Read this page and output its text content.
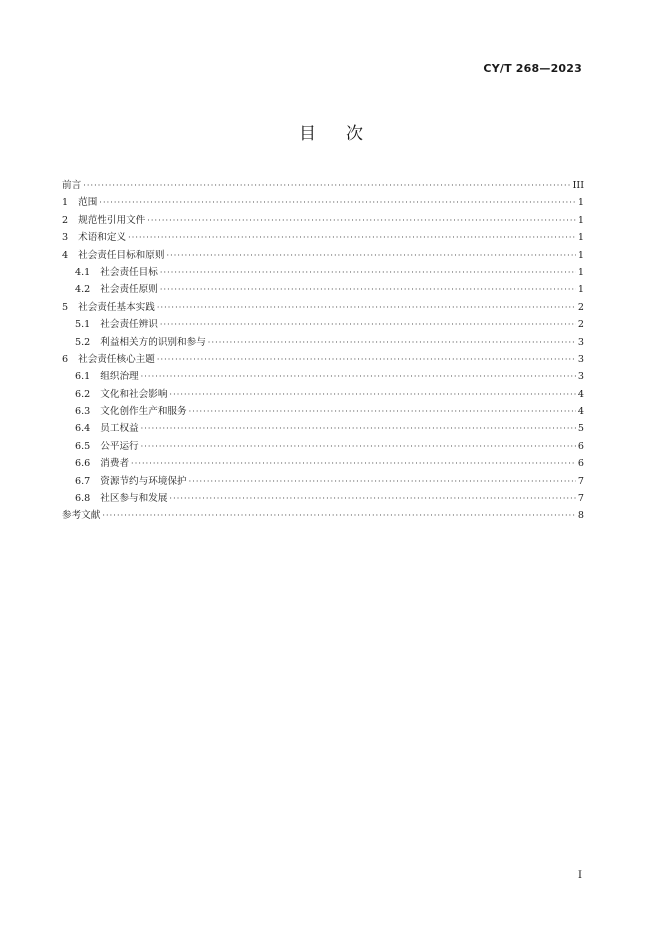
CY/T 268—2023
目 次
前言 ·····	III
1 范围 ·····	1
2 规范性引用文件 ·····	1
3 术语和定义 ·····	1
4 社会责任目标和原则 ·····	1
4.1 社会责任目标 ·····	1
4.2 社会责任原则 ·····	1
5 社会责任基本实践 ·····	2
5.1 社会责任辨识 ·····	2
5.2 利益相关方的识别和参与 ·····	3
6 社会责任核心主题 ·····	3
6.1 组织治理 ·····	3
6.2 文化和社会影响 ·····	4
6.3 文化创作生产和服务 ·····	4
6.4 员工权益 ·····	5
6.5 公平运行 ·····	6
6.6 消费者 ·····	6
6.7 资源节约与环境保护 ·····	7
6.8 社区参与和发展 ·····	7
参考文献 ·····	8
I
